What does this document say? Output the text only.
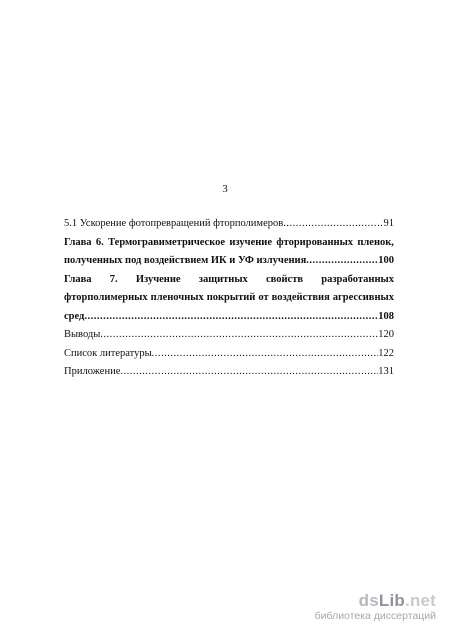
3
5.1 Ускорение фотопревращений фторполимеров .....	91
Глава 6. Термогравиметрическое изучение фторированных пленок,
полученных под воздействием ИК и УФ излучения .....	100
Глава 7. Изучение защитных свойств разработанных
фторполимерных пленочных покрытий от воздействия агрессивных
сред .....	108
Выводы .....	120
Список литературы .....	122
Приложение .....	131
dsLib.net
библиотека диссертаций
